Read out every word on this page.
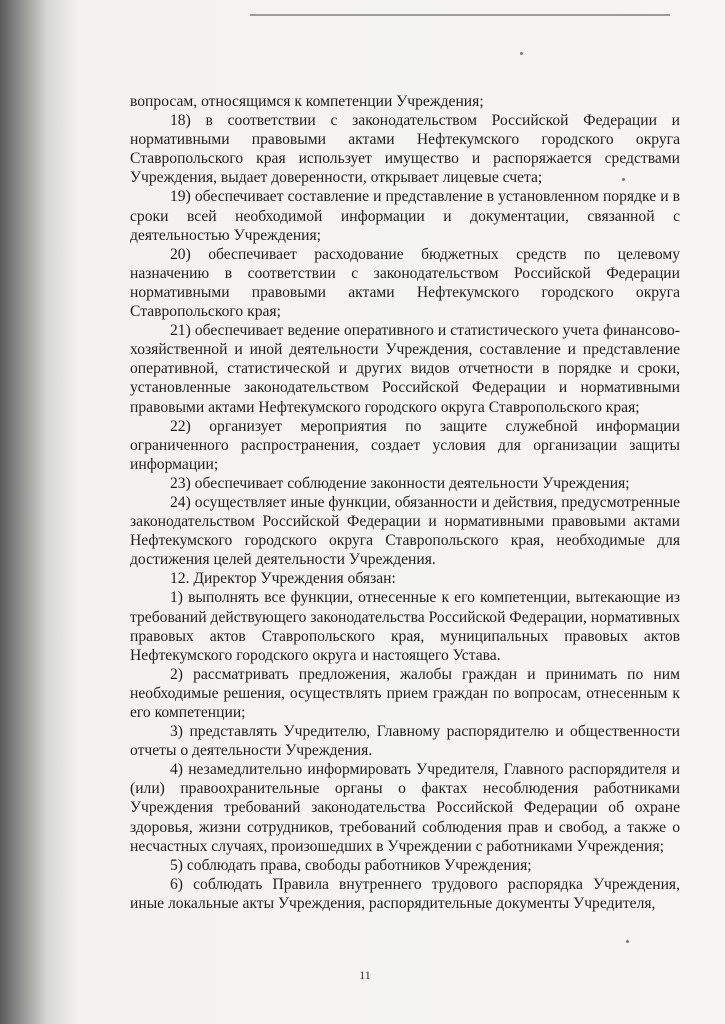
вопросам, относящимся к компетенции Учреждения;

18) в соответствии с законодательством Российской Федерации и нормативными правовыми актами Нефтекумского городского округа Ставропольского края использует имущество и распоряжается средствами Учреждения, выдает доверенности, открывает лицевые счета;

19) обеспечивает составление и представление в установленном порядке и в сроки всей необходимой информации и документации, связанной с деятельностью Учреждения;

20) обеспечивает расходование бюджетных средств по целевому назначению в соответствии с законодательством Российской Федерации нормативными правовыми актами Нефтекумского городского округа Ставропольского края;

21) обеспечивает ведение оперативного и статистического учета финансово-хозяйственной и иной деятельности Учреждения, составление и представление оперативной, статистической и других видов отчетности в порядке и сроки, установленные законодательством Российской Федерации и нормативными правовыми актами Нефтекумского городского округа Ставропольского края;

22) организует мероприятия по защите служебной информации ограниченного распространения, создает условия для организации защиты информации;

23) обеспечивает соблюдение законности деятельности Учреждения;

24) осуществляет иные функции, обязанности и действия, предусмотренные законодательством Российской Федерации и нормативными правовыми актами Нефтекумского городского округа Ставропольского края, необходимые для достижения целей деятельности Учреждения.

12. Директор Учреждения обязан:

1) выполнять все функции, отнесенные к его компетенции, вытекающие из требований действующего законодательства Российской Федерации, нормативных правовых актов Ставропольского края, муниципальных правовых актов Нефтекумского городского округа и настоящего Устава.

2) рассматривать предложения, жалобы граждан и принимать по ним необходимые решения, осуществлять прием граждан по вопросам, отнесенным к его компетенции;

3) представлять Учредителю, Главному распорядителю и общественности отчеты о деятельности Учреждения.

4) незамедлительно информировать Учредителя, Главного распорядителя и (или) правоохранительные органы о фактах несоблюдения работниками Учреждения требований законодательства Российской Федерации об охране здоровья, жизни сотрудников, требований соблюдения прав и свобод, а также о несчастных случаях, произошедших в Учреждении с работниками Учреждения;

5) соблюдать права, свободы работников Учреждения;

6) соблюдать Правила внутреннего трудового распорядка Учреждения, иные локальные акты Учреждения, распорядительные документы Учредителя,

11
